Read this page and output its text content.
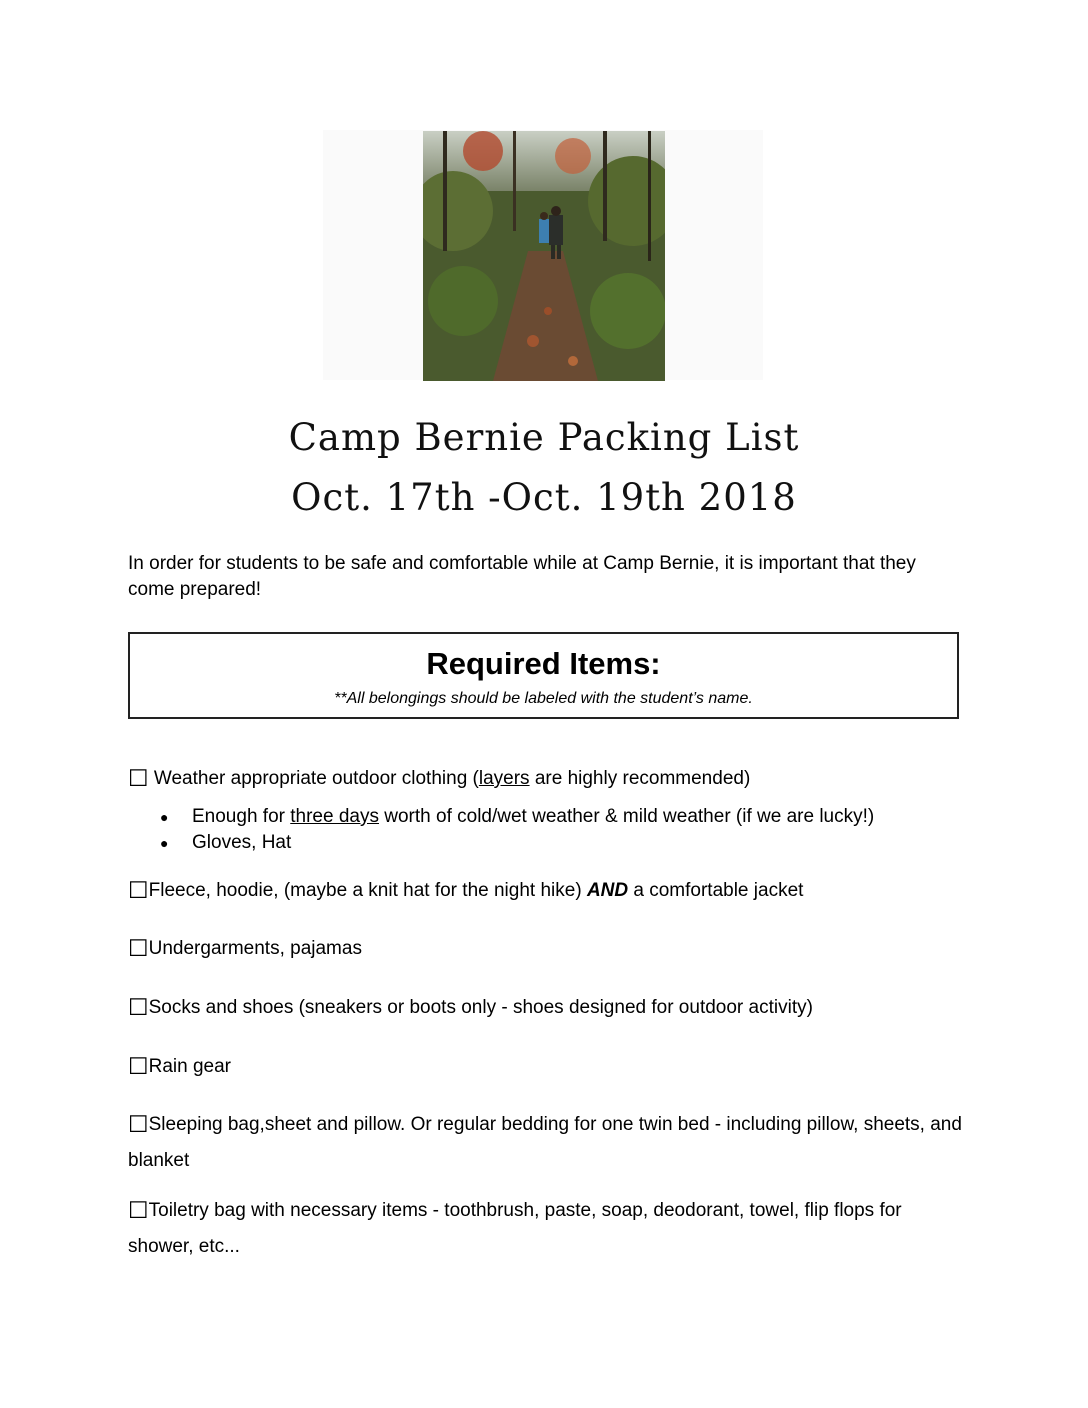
Camp Bernie Packing List
Oct. 17th -Oct. 19th 2018
In order for students to be safe and comfortable while at Camp Bernie, it is important that they come prepared!
Required Items:
**All belongings should be labeled with the student’s name.
☐ Weather appropriate outdoor clothing (layers are highly recommended)
●	Enough for three days worth of cold/wet weather & mild weather (if we are lucky!)
●	Gloves, Hat
☐Fleece, hoodie, (maybe a knit hat for the night hike) AND a comfortable jacket
☐Undergarments, pajamas
☐Socks and shoes (sneakers or boots only - shoes designed for outdoor activity)
☐Rain gear
☐Sleeping bag,sheet and pillow. Or regular bedding for one twin bed - including pillow, sheets, and blanket
☐Toiletry bag with necessary items - toothbrush, paste, soap, deodorant, towel, flip flops for shower, etc...
